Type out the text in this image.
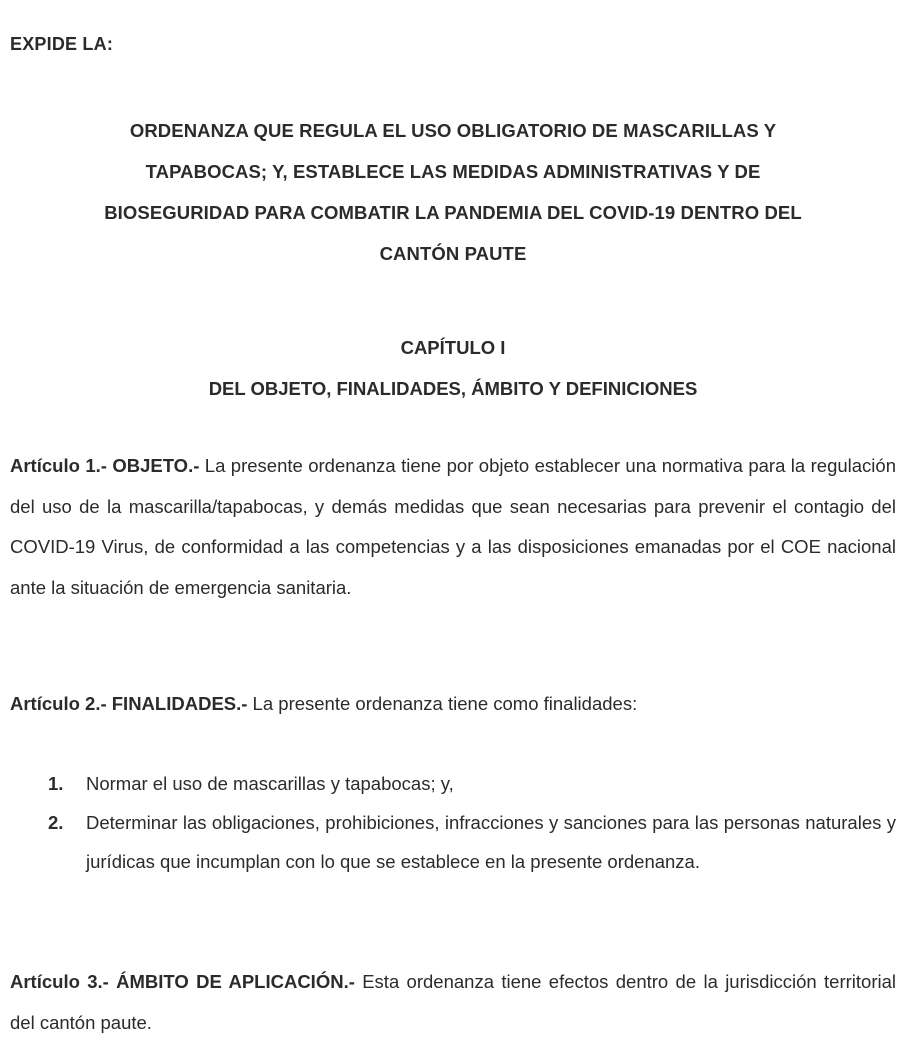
EXPIDE LA:
ORDENANZA QUE REGULA EL USO OBLIGATORIO DE MASCARILLAS Y
TAPABOCAS; Y, ESTABLECE LAS MEDIDAS ADMINISTRATIVAS Y DE
BIOSEGURIDAD PARA COMBATIR LA PANDEMIA DEL COVID-19 DENTRO DEL
CANTÓN PAUTE
CAPÍTULO I
DEL OBJETO, FINALIDADES, ÁMBITO Y DEFINICIONES
Artículo 1.- OBJETO.- La presente ordenanza tiene por objeto establecer una normativa para la regulación del uso de la mascarilla/tapabocas, y demás medidas que sean necesarias para prevenir el contagio del COVID-19 Virus, de conformidad a las competencias y a las disposiciones emanadas por el COE nacional ante la situación de emergencia sanitaria.
Artículo 2.- FINALIDADES.- La presente ordenanza tiene como finalidades:
1.	Normar el uso de mascarillas y tapabocas; y,
2.	Determinar las obligaciones, prohibiciones, infracciones y sanciones para las personas naturales y jurídicas que incumplan con lo que se establece en la presente ordenanza.
Artículo 3.- ÁMBITO DE APLICACIÓN.- Esta ordenanza tiene efectos dentro de la jurisdicción territorial del cantón paute.
